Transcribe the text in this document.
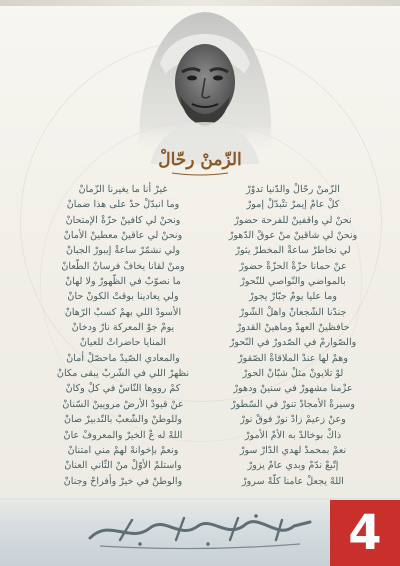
الزّمنْ رحّالْ
الزّمنْ رحّالْ والدّنيا تدوْرْ
كلْ عامْ إيمرْ تتْبدّلْ إمورْ
نحنْ لي واقفينْ للفرحة حضورْ
ونحنْ لي شاقينْ منْ عوقْ الدّهورْ
لي نخاطرْ ساعةْ المخطرْ يثورْ
عنْ حمانا حزّةْ الحزّةْ حضورْ
بالمواضي والنّواصي للنّحورْ
وما عليا يومْ جبّارْ يجورْ
جندْنا الشّجعانْ واهلْ الشّورْ
حافظينْ العهدْ وماهينْ القدورْ
والصّوارمْ في الصّدورْ في النّحورْ
وهمْ لها عندْ الملاقاةْ الصّقورْ
لوْ تلايونْ مثلْ شبّانْ الحورْ
عزْمنا مشهورْ في سنينْ ودهورْ
وسيرةْ الأمجادْ تنورْ في السّطورْ
وعنْ زعيمْ زادْ نورْ فوقْ نورْ
ذاكْ بوخالدْ به الأمْ الأمورْ
نعمْ بمحمدْ لهدي الدّارْ سورْ
إتّبعْ ندّمْ وبدي عامْ يزورْ
اللهْ يجعلْ عامنا كلّهْ سرورْ
غيرْ أنا ما يغيرنا الزّمانْ
وما انبدّلْ حدْ على هذا ضمانْ
ونحنْ لي كافينْ حزّةْ الإمتحانْ
ونحنْ لي عاقينْ معطينْ الأمانْ
ولي نشمّرْ ساعةْ إيبورْ الجبانْ
ومنْ لقانا يخافْ فرسانْ الطّعانْ
ما نصوّبْ في الظّهورْ ولا لهانْ
ولي يعادينا بوقتْ الكونْ حانْ
الأسودْ اللي بهمْ كسبْ الرّهانْ
يومْ جوْ المعركة نارْ ودخانْ
المنايا حاضراتْ للعيانْ
والمعادي الصّيدْ ماحصّلْ أمانْ
نظهرْ اللي في الشّربْ يبقى مكانْ
كمْ رووها النّاسْ في كلْ وكانْ
عنْ قيودْ الأرضْ مرويينْ السّنانْ
وللوطنْ والشّعبْ بالتّدبيرْ صانْ
اللهْ له عْ الخيرْ والمعروفْ عانْ
ونعمْ بإخوانهْ لهمْ مني امتنانْ
واستلمْ الأوّلْ منْ الثّاني العنانْ
والوطنْ في خيرْ وأفراحْ وجنانْ
4
